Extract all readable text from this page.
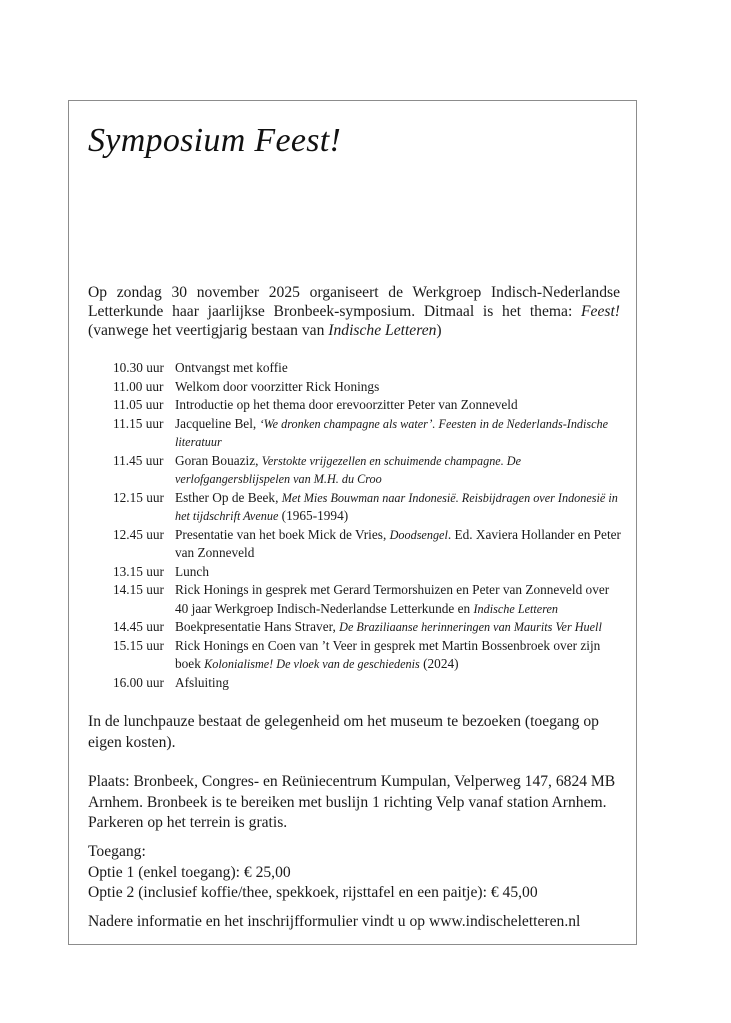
Symposium Feest!

Op zondag 30 november 2025 organiseert de Werkgroep Indisch-Nederlandse Letterkunde haar jaarlijkse Bronbeek-symposium. Ditmaal is het thema: Feest! (vanwege het veertigjarig bestaan van Indische Letteren)

10.30 uur Ontvangst met koffie
11.00 uur Welkom door voorzitter Rick Honings
11.05 uur Introductie op het thema door erevoorzitter Peter van Zonneveld
11.15 uur Jacqueline Bel, ‘We dronken champagne als water’. Feesten in de Nederlands-Indische literatuur
11.45 uur Goran Bouaziz, Verstokte vrijgezellen en schuimende champagne. De verlofgangersblijspelen van M.H. du Croo
12.15 uur Esther Op de Beek, Met Mies Bouwman naar Indonesië. Reisbijdragen over Indonesië in het tijdschrift Avenue (1965-1994)
12.45 uur Presentatie van het boek Mick de Vries, Doodsengel. Ed. Xaviera Hollander en Peter van Zonneveld
13.15 uur Lunch
14.15 uur Rick Honings in gesprek met Gerard Termorshuizen en Peter van Zonneveld over 40 jaar Werkgroep Indisch-Nederlandse Letterkunde en Indische Letteren
14.45 uur Boekpresentatie Hans Straver, De Braziliaanse herinneringen van Maurits Ver Huell
15.15 uur Rick Honings en Coen van ’t Veer in gesprek met Martin Bossenbroek over zijn boek Kolonialisme! De vloek van de geschiedenis (2024)
16.00 uur Afsluiting

In de lunchpauze bestaat de gelegenheid om het museum te bezoeken (toegang op eigen kosten).

Plaats: Bronbeek, Congres- en Reüniecentrum Kumpulan, Velperweg 147, 6824 MB Arnhem. Bronbeek is te bereiken met buslijn 1 richting Velp vanaf station Arnhem. Parkeren op het terrein is gratis.

Toegang:
Optie 1 (enkel toegang): € 25,00
Optie 2 (inclusief koffie/thee, spekkoek, rijsttafel en een paitje): € 45,00

Nadere informatie en het inschrijfformulier vindt u op www.indischeletteren.nl
